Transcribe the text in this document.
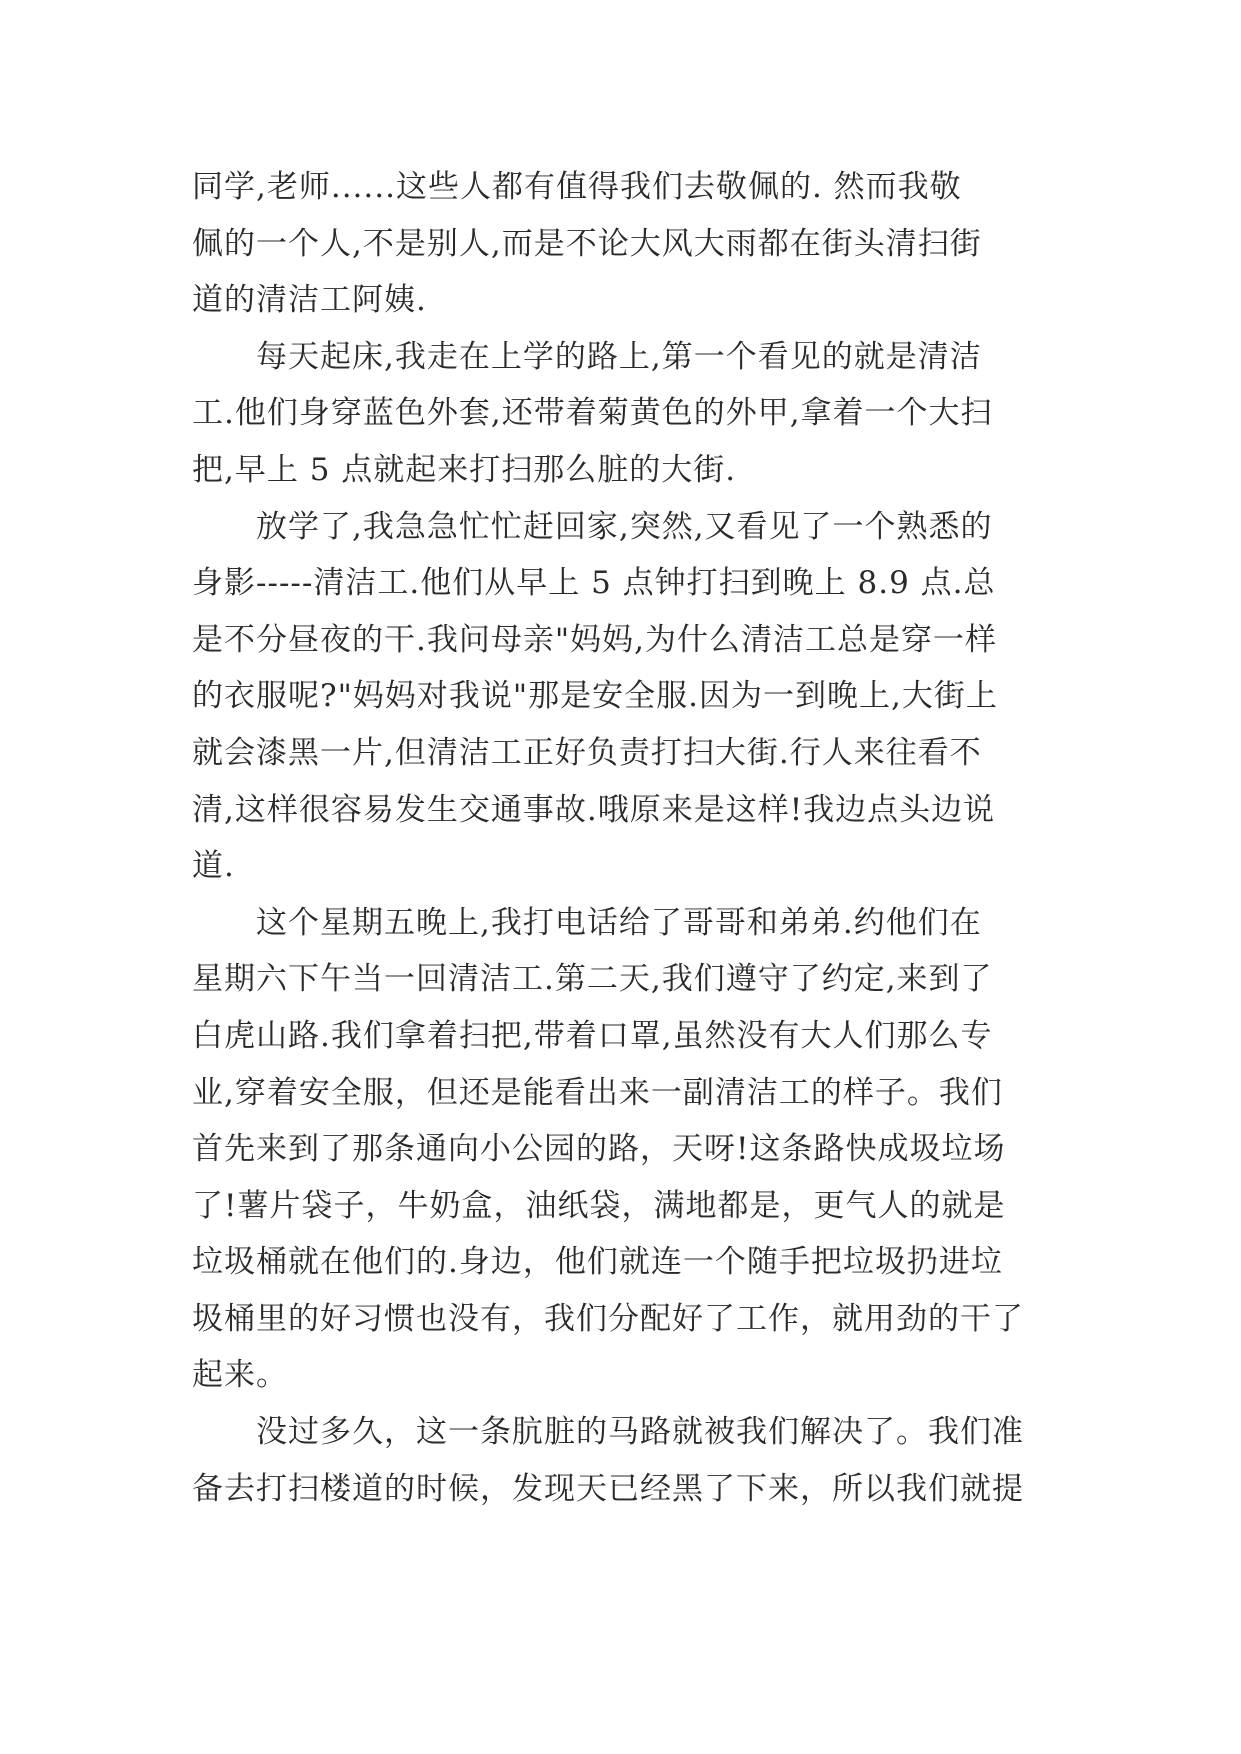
同学,老师......这些人都有值得我们去敬佩的. 然而我敬
佩的一个人,不是别人,而是不论大风大雨都在街头清扫街
道的清洁工阿姨.
每天起床,我走在上学的路上,第一个看见的就是清洁
工.他们身穿蓝色外套,还带着菊黄色的外甲,拿着一个大扫
把,早上 5 点就起来打扫那么脏的大街.
放学了,我急急忙忙赶回家,突然,又看见了一个熟悉的
身影-----清洁工.他们从早上 5 点钟打扫到晚上 8.9 点.总
是不分昼夜的干.我问母亲"妈妈,为什么清洁工总是穿一样
的衣服呢?"妈妈对我说"那是安全服.因为一到晚上,大街上
就会漆黑一片,但清洁工正好负责打扫大街.行人来往看不
清,这样很容易发生交通事故.哦原来是这样!我边点头边说
道.
这个星期五晚上,我打电话给了哥哥和弟弟.约他们在
星期六下午当一回清洁工.第二天,我们遵守了约定,来到了
白虎山路.我们拿着扫把,带着口罩,虽然没有大人们那么专
业,穿着安全服，但还是能看出来一副清洁工的样子。我们
首先来到了那条通向小公园的路，天呀!这条路快成圾垃场
了!薯片袋子，牛奶盒，油纸袋，满地都是，更气人的就是
垃圾桶就在他们的.身边，他们就连一个随手把垃圾扔进垃
圾桶里的好习惯也没有，我们分配好了工作，就用劲的干了
起来。
没过多久，这一条肮脏的马路就被我们解决了。我们准
备去打扫楼道的时候，发现天已经黑了下来，所以我们就提
